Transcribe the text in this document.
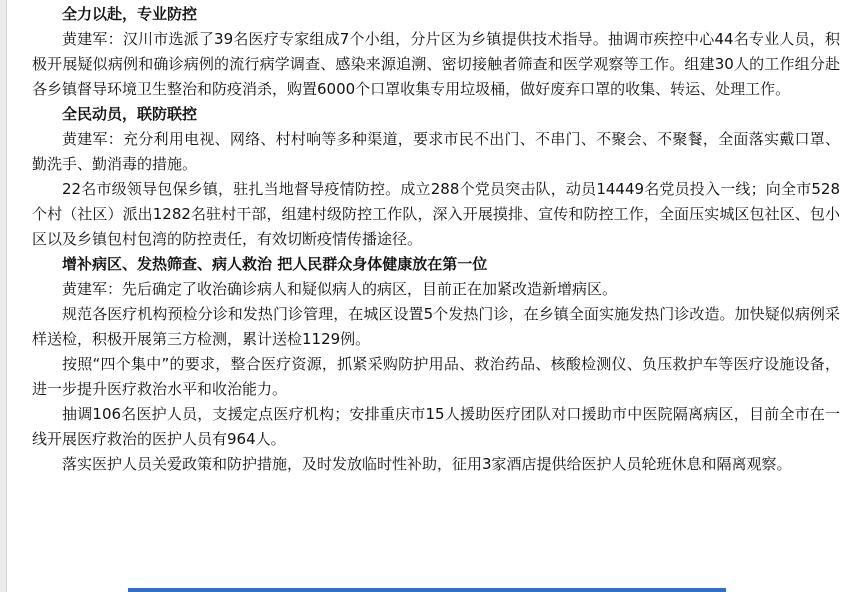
全力以赴，专业防控

黄建军：汉川市选派了39名医疗专家组成7个小组，分片区为乡镇提供技术指导。抽调市疾控中心44名专业人员，积极开展疑似病例和确诊病例的流行病学调查、感染来源追溯、密切接触者筛查和医学观察等工作。组建30人的工作组分赴各乡镇督导环境卫生整治和防疫消杀，购置6000个口罩收集专用垃圾桶，做好废弃口罩的收集、转运、处理工作。

全民动员，联防联控

黄建军：充分利用电视、网络、村村响等多种渠道，要求市民不出门、不串门、不聚会、不聚餐，全面落实戴口罩、勤洗手、勤消毒的措施。

22名市级领导包保乡镇，驻扎当地督导疫情防控。成立288个党员突击队，动员14449名党员投入一线；向全市528个村（社区）派出1282名驻村干部，组建村级防控工作队，深入开展摸排、宣传和防控工作，全面压实城区包社区、包小区以及乡镇包村包湾的防控责任，有效切断疫情传播途径。

增补病区、发热筛查、病人救治 把人民群众身体健康放在第一位

黄建军：先后确定了收治确诊病人和疑似病人的病区，目前正在加紧改造新增病区。

规范各医疗机构预检分诊和发热门诊管理，在城区设置5个发热门诊，在乡镇全面实施发热门诊改造。加快疑似病例采样送检，积极开展第三方检测，累计送检1129例。

按照“四个集中”的要求，整合医疗资源，抓紧采购防护用品、救治药品、核酸检测仪、负压救护车等医疗设施设备，进一步提升医疗救治水平和收治能力。

抽调106名医护人员，支援定点医疗机构；安排重庆市15人援助医疗团队对口援助市中医院隔离病区，目前全市在一线开展医疗救治的医护人员有964人。

落实医护人员关爱政策和防护措施，及时发放临时性补助，征用3家酒店提供给医护人员轮班休息和隔离观察。
